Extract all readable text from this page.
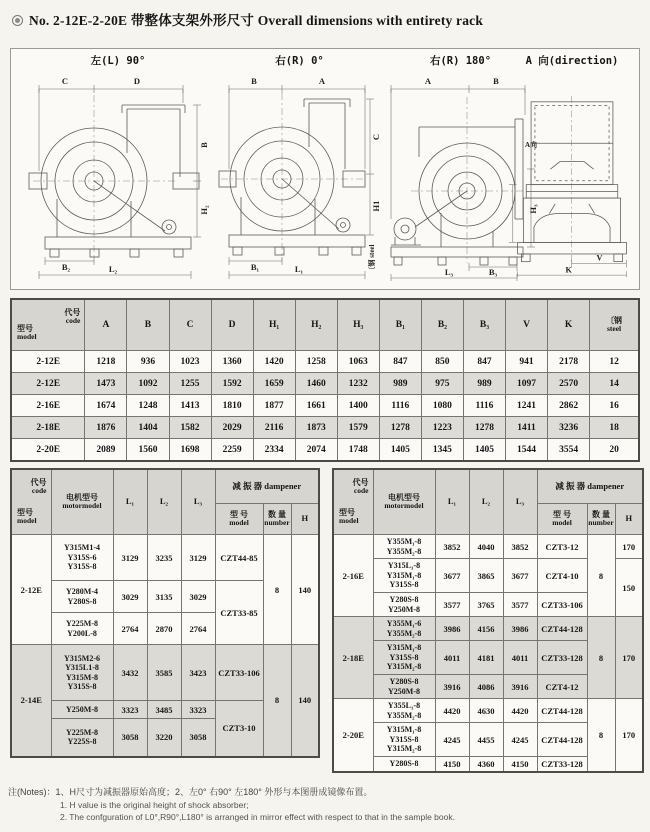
No. 2-12E-2-20E 带整体支架外形尺寸 Overall dimensions with entirety rack
左(L) 90°
C	D
B
H₂
B₂	L₂
右(R) 0°
B	A
C
H1
〔钢 steel
B₁	L₁
右(R) 180°
A	B
A向
H₃
B₃
L₃
A 向(direction)
V
K
代号
code
型号
model
	A	B	C	D	H₁	H₂	H₃	B₁	B₂	B₃	V	K	〔钢
steel

2-12E	1218	936	1023	1360	1420	1258	1063	847	850	847	941	2178	12
2-12E	1473	1092	1255	1592	1659	1460	1232	989	975	989	1097	2570	14
2-16E	1674	1248	1413	1810	1877	1661	1400	1116	1080	1116	1241	2862	16
2-18E	1876	1404	1582	2029	2116	1873	1579	1278	1223	1278	1411	3236	18
2-20E	2089	1560	1698	2259	2334	2074	1748	1405	1345	1405	1544	3554	20
代号
code
型号
model

电机型号
motormodel	L₁	L₂	L₃	减 振 器 dampener

					型 号
model	数 量
number	H
2-12E	Y315M1-4
Y315S-6
Y315S-8	3129	3235	3129	CZT44-85	8	140

	Y280M-4
Y280S-8	3029	3135	3029	CZT33-85		

	Y225M-8
Y200L-8	2764	2870	2764			
2-14E	Y315M2-6
Y315L1-8
Y315M-8
Y315S-8	3432	3585	3423	CZT33-106	8	140

	Y250M-8	3323	3485	3323	CZT3-10		

	Y225M-8
Y225S-8	3058	3220	3058			
代号
code
型号
model

电机型号
motormodel	L₁	L₂	L₃	减 振 器 dampener

					型 号
model	数 量
number	H
2-16E	Y355M₁-8
Y355M₂-8	3852	4040	3852	CZT3-12	8	170

	Y315L₁-8
Y315M₁-8
Y315S-8	3677	3865	3677	CZT4-10		150

	Y280S-8
Y250M-8	3577	3765	3577	CZT33-106		
2-18E	Y355M₁-6
Y355M₂-8	3986	4156	3986	CZT44-128	8	170

	Y315M₁-8
Y315S-8
Y315M₂-8	4011	4181	4011	CZT33-128		

	Y280S-8
Y250M-8	3916	4086	3916	CZT4-12		
2-20E	Y355L₁-8
Y355M₂-8	4420	4630	4420	CZT44-128	8	170

	Y315M₁-8
Y315S-8
Y315M₂-8	4245	4455	4245	CZT44-128		

	Y280S-8	4150	4360	4150	CZT33-128		
注(Notes)：1、H尺寸为减振器原始高度；2、左0° 右90° 左180° 外形与本图册成镜像布置。
1. H value is the original height of shock absorber;
2. The confguration of L0°,R90°,L180° is arranged in mirror effect with respect to that in the sample book.
